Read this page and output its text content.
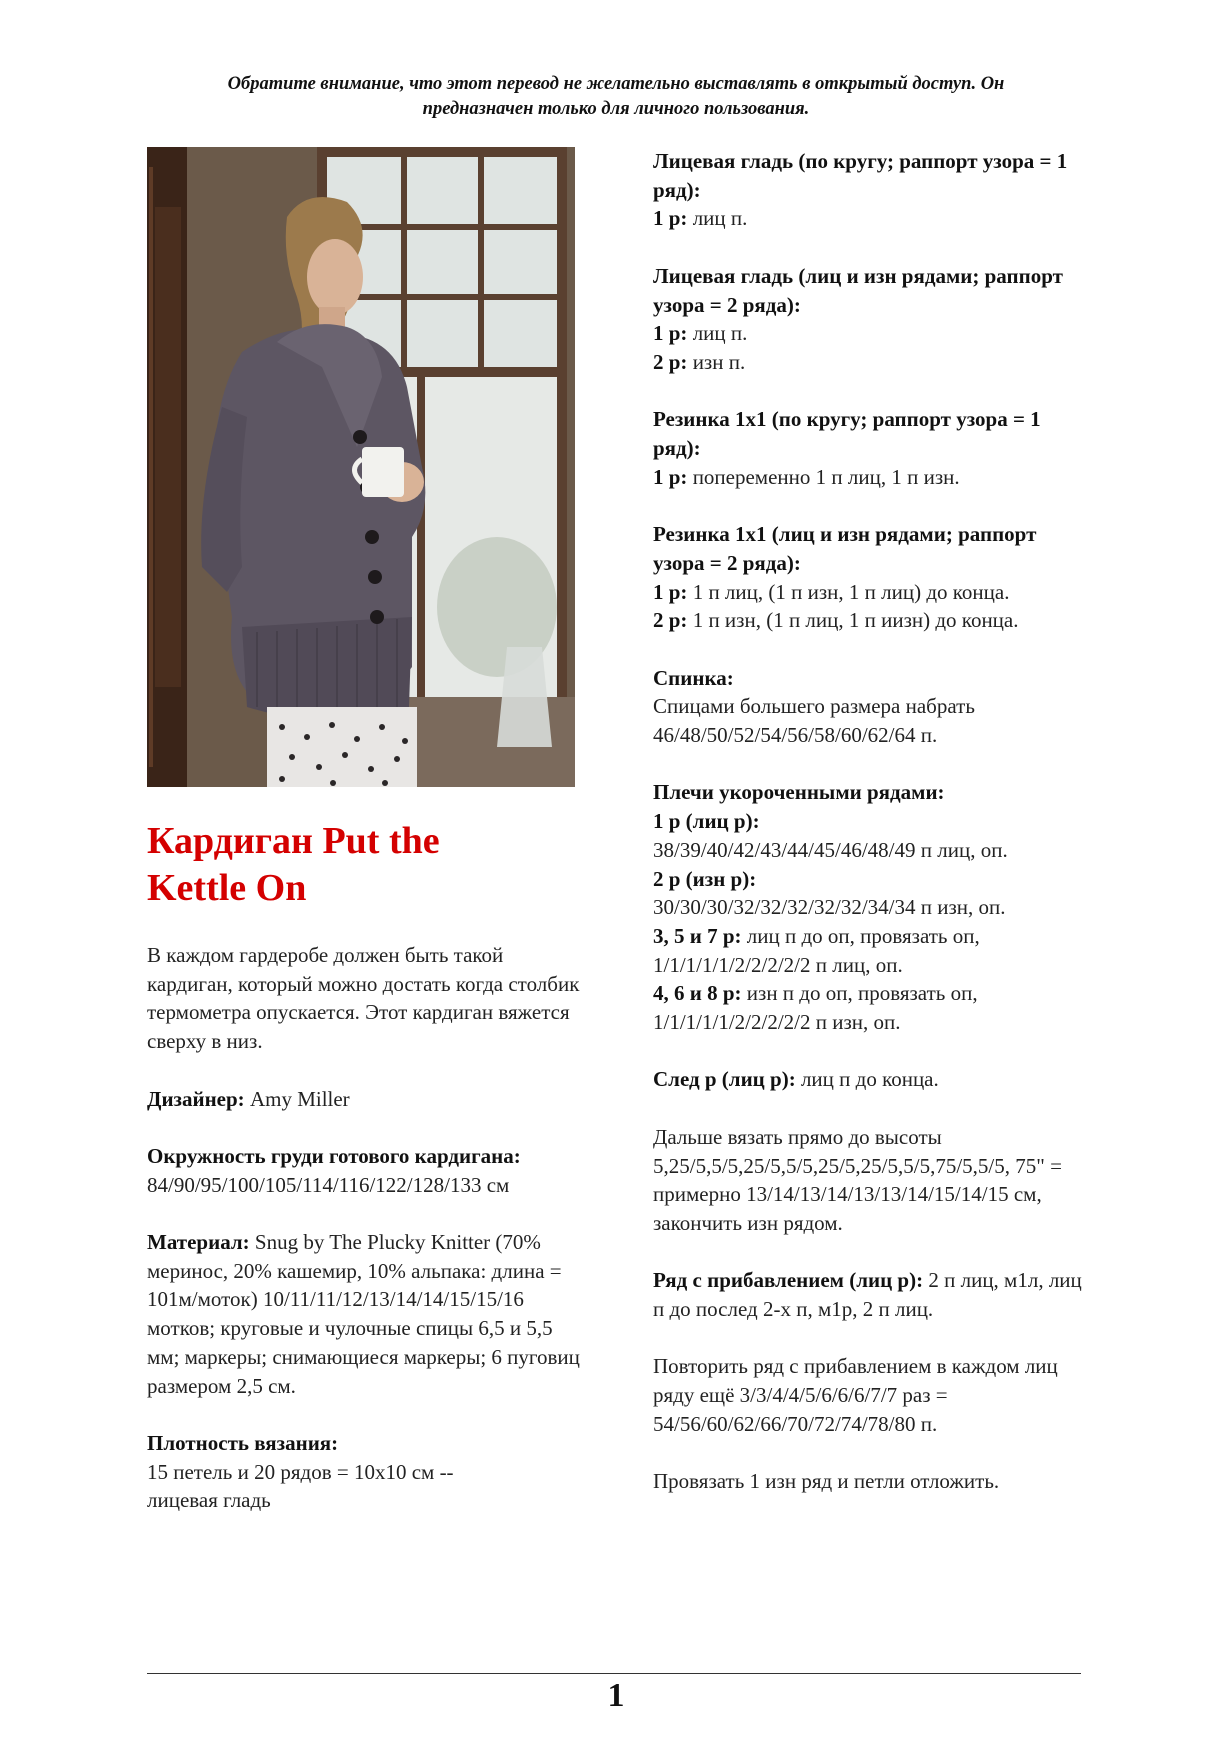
Обратите внимание, что этот перевод не желательно выставлять в открытый доступ. Он
предназначен только для личного пользования.
Кардиган Put the
Kettle On

В каждом гардеробе должен быть такой кардиган, который можно достать когда столбик термометра опускается. Этот кардиган вяжется сверху в низ.

Дизайнер: Amy Miller

Окружность груди готового кардигана:
84/90/95/100/105/114/116/122/128/133 см

Материал: Snug by The Plucky Knitter (70% меринос, 20% кашемир, 10% альпака: длина = 101м/моток) 10/11/11/12/13/14/14/15/15/16 мотков; круговые и чулочные спицы 6,5 и 5,5 мм; маркеры; снимающиеся маркеры; 6 пуговиц размером 2,5 см.

Плотность вязания:
15 петель и 20 рядов = 10х10 см --
лицевая гладь

Лицевая гладь (по кругу; раппорт узора = 1 ряд):
1 р: лиц п.

Лицевая гладь (лиц и изн рядами; раппорт узора = 2 ряда):
1 р: лиц п.
2 р: изн п.

Резинка 1х1 (по кругу; раппорт узора = 1 ряд):
1 р: попеременно 1 п лиц, 1 п изн.

Резинка 1х1 (лиц и изн рядами; раппорт узора = 2 ряда):
1 р: 1 п лиц, (1 п изн, 1 п лиц) до конца.
2 р: 1 п изн, (1 п лиц, 1 п иизн) до конца.

Спинка:
Спицами большего размера набрать 46/48/50/52/54/56/58/60/62/64 п.

Плечи укороченными рядами:
1 р (лиц р):
38/39/40/42/43/44/45/46/48/49 п лиц, оп.
2 р (изн р):
30/30/30/32/32/32/32/32/34/34 п изн, оп.
3, 5 и 7 р: лиц п до оп, провязать оп, 1/1/1/1/1/2/2/2/2/2 п лиц, оп.
4, 6 и 8 р: изн п до оп, провязать оп, 1/1/1/1/1/2/2/2/2/2 п изн, оп.

След р (лиц р): лиц п до конца.

Дальше вязать прямо до высоты 5,25/5,5/5,25/5,5/5,25/5,25/5,5/5,75/5,5/5, 75" = примерно 13/14/13/14/13/13/14/15/14/15 см, закончить изн рядом.

Ряд с прибавлением (лиц р): 2 п лиц, м1л, лиц п до послед 2-х п, м1р, 2 п лиц.

Повторить ряд с прибавлением в каждом лиц ряду ещё 3/3/4/4/5/6/6/6/7/7 раз = 54/56/60/62/66/70/72/74/78/80 п.

Провязать 1 изн ряд и петли отложить.

1
